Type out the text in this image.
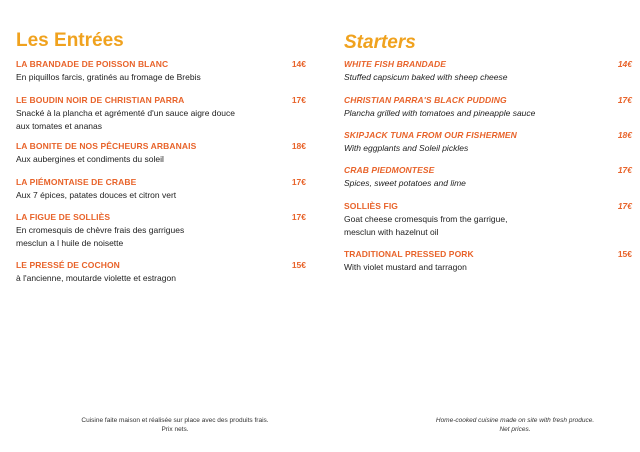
Les Entrées
LA BRANDADE DE POISSON BLANC	14€
En piquillos farcis, gratinés au fromage de Brebis
LE BOUDIN NOIR DE CHRISTIAN PARRA	17€
Snacké à la plancha et agrémenté d'un sauce aigre douce
aux tomates et ananas
LA BONITE DE NOS PÊCHEURS ARBANAIS	18€
Aux aubergines et condiments du soleil
LA PIÉMONTAISE DE CRABE	17€
Aux 7 épices, patates douces et citron vert
LA FIGUE DE SOLLIÈS	17€
En cromesquis de chèvre frais des garrigues
mesclun a l huile de noisette
LE PRESSÉ DE COCHON	15€
à l'ancienne, moutarde violette et estragon
Starters
WHITE FISH BRANDADE	14€
Stuffed capsicum baked with sheep cheese
CHRISTIAN PARRA'S BLACK PUDDING	17€
Plancha grilled with tomatoes and pineapple sauce
SKIPJACK TUNA FROM OUR FISHERMEN	18€
With eggplants and Soleil pickles
CRAB PIEDMONTESE	17€
Spices, sweet potatoes and lime
SOLLIÈS FIG	17€
Goat cheese cromesquis from the garrigue,
mesclun with hazelnut oil
TRADITIONAL PRESSED PORK	15€
With violet mustard and tarragon
Cuisine faite maison et réalisée sur place avec des produits frais.
Prix nets.
Home-cooked cuisine made on site with fresh produce.
Net prices.
